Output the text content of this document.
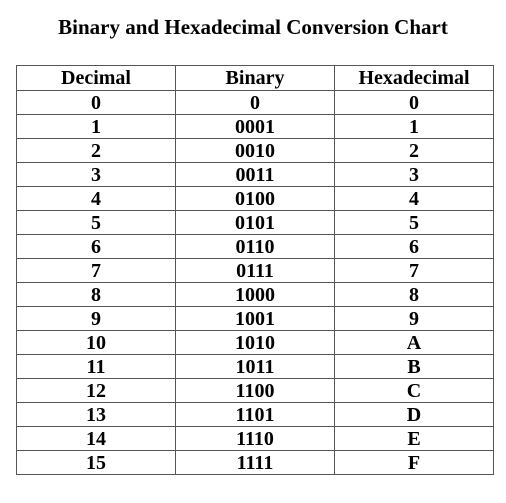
Binary and Hexadecimal Conversion Chart
Decimal	Binary	Hexadecimal
0	0	0
1	0001	1
2	0010	2
3	0011	3
4	0100	4
5	0101	5
6	0110	6
7	0111	7
8	1000	8
9	1001	9
10	1010	A
11	1011	B
12	1100	C
13	1101	D
14	1110	E
15	1111	F
